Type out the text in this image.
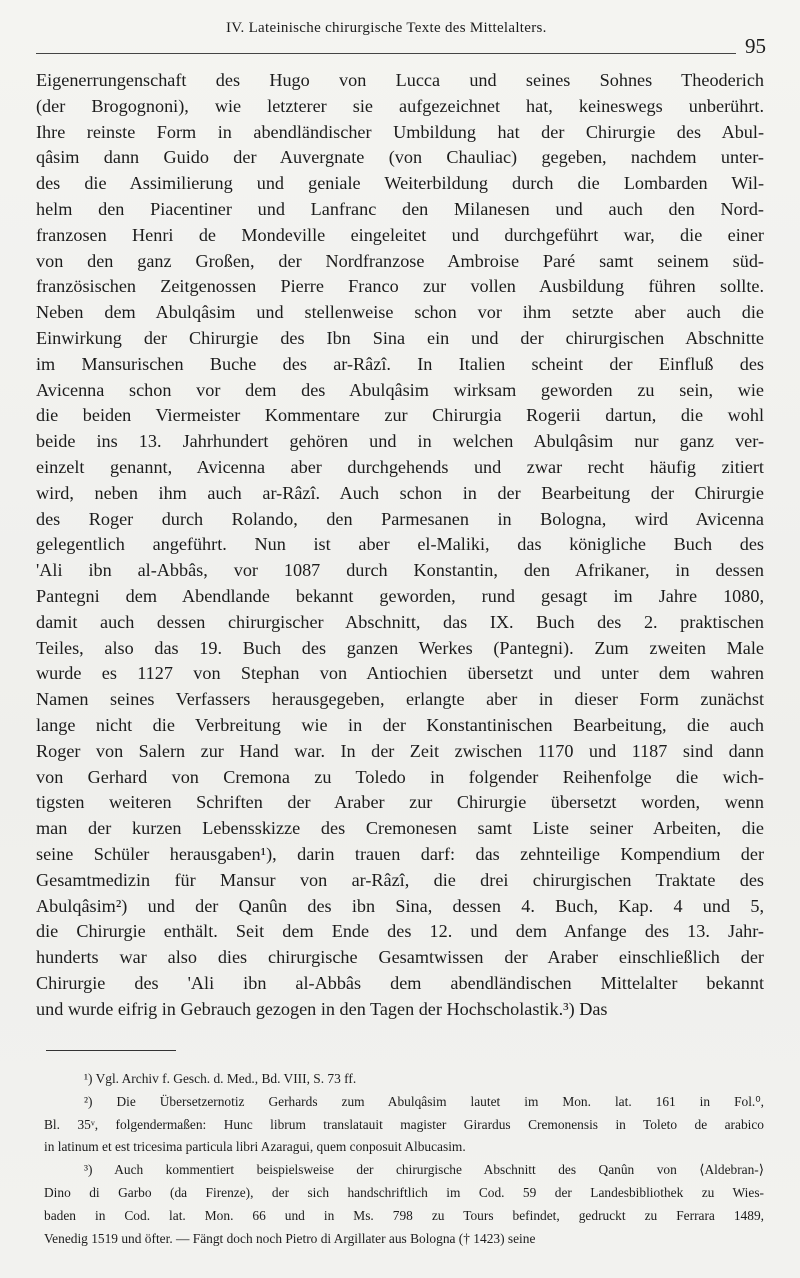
IV. Lateinische chirurgische Texte des Mittelalters.
95
Eigenerrungenschaft des Hugo von Lucca und seines Sohnes Theoderich
(der Brogognoni), wie letzterer sie aufgezeichnet hat, keineswegs unberührt.
Ihre reinste Form in abendländischer Umbildung hat der Chirurgie des Abul-
qâsim dann Guido der Auvergnate (von Chauliac) gegeben, nachdem unter-
des die Assimilierung und geniale Weiterbildung durch die Lombarden Wil-
helm den Piacentiner und Lanfranc den Milanesen und auch den Nord-
franzosen Henri de Mondeville eingeleitet und durchgeführt war, die einer
von den ganz Großen, der Nordfranzose Ambroise Paré samt seinem süd-
französischen Zeitgenossen Pierre Franco zur vollen Ausbildung führen sollte.
Neben dem Abulqâsim und stellenweise schon vor ihm setzte aber auch die
Einwirkung der Chirurgie des Ibn Sina ein und der chirurgischen Abschnitte
im Mansurischen Buche des ar-Râzî. In Italien scheint der Einfluß des
Avicenna schon vor dem des Abulqâsim wirksam geworden zu sein, wie
die beiden Viermeister Kommentare zur Chirurgia Rogerii dartun, die wohl
beide ins 13. Jahrhundert gehören und in welchen Abulqâsim nur ganz ver-
einzelt genannt, Avicenna aber durchgehends und zwar recht häufig zitiert
wird, neben ihm auch ar-Râzî. Auch schon in der Bearbeitung der Chirurgie
des Roger durch Rolando, den Parmesanen in Bologna, wird Avicenna
gelegentlich angeführt. Nun ist aber el-Maliki, das königliche Buch des
'Ali ibn al-Abbâs, vor 1087 durch Konstantin, den Afrikaner, in dessen
Pantegni dem Abendlande bekannt geworden, rund gesagt im Jahre 1080,
damit auch dessen chirurgischer Abschnitt, das IX. Buch des 2. praktischen
Teiles, also das 19. Buch des ganzen Werkes (Pantegni). Zum zweiten Male
wurde es 1127 von Stephan von Antiochien übersetzt und unter dem wahren
Namen seines Verfassers herausgegeben, erlangte aber in dieser Form zunächst
lange nicht die Verbreitung wie in der Konstantinischen Bearbeitung, die auch
Roger von Salern zur Hand war. In der Zeit zwischen 1170 und 1187 sind dann
von Gerhard von Cremona zu Toledo in folgender Reihenfolge die wich-
tigsten weiteren Schriften der Araber zur Chirurgie übersetzt worden, wenn
man der kurzen Lebensskizze des Cremonesen samt Liste seiner Arbeiten, die
seine Schüler herausgaben¹), darin trauen darf: das zehnteilige Kompendium der
Gesamtmedizin für Mansur von ar-Râzî, die drei chirurgischen Traktate des
Abulqâsim²) und der Qanûn des ibn Sina, dessen 4. Buch, Kap. 4 und 5,
die Chirurgie enthält. Seit dem Ende des 12. und dem Anfange des 13. Jahr-
hunderts war also dies chirurgische Gesamtwissen der Araber einschließlich der
Chirurgie des 'Ali ibn al-Abbâs dem abendländischen Mittelalter bekannt
und wurde eifrig in Gebrauch gezogen in den Tagen der Hochscholastik.³) Das
¹) Vgl. Archiv f. Gesch. d. Med., Bd. VIII, S. 73 ff.
²) Die Übersetzernotiz Gerhards zum Abulqâsim lautet im Mon. lat. 161 in Fol.⁰,
Bl. 35ᵛ, folgendermaßen: Hunc librum translatauit magister Girardus Cremonensis in Toleto de arabico
in latinum et est tricesima particula libri Azaragui, quem conposuit Albucasim.
³) Auch kommentiert beispielsweise der chirurgische Abschnitt des Qanûn von ⟨Aldebran-⟩
Dino di Garbo (da Firenze), der sich handschriftlich im Cod. 59 der Landesbibliothek zu Wies-
baden in Cod. lat. Mon. 66 und in Ms. 798 zu Tours befindet, gedruckt zu Ferrara 1489,
Venedig 1519 und öfter. — Fängt doch noch Pietro di Argillater aus Bologna († 1423) seine
